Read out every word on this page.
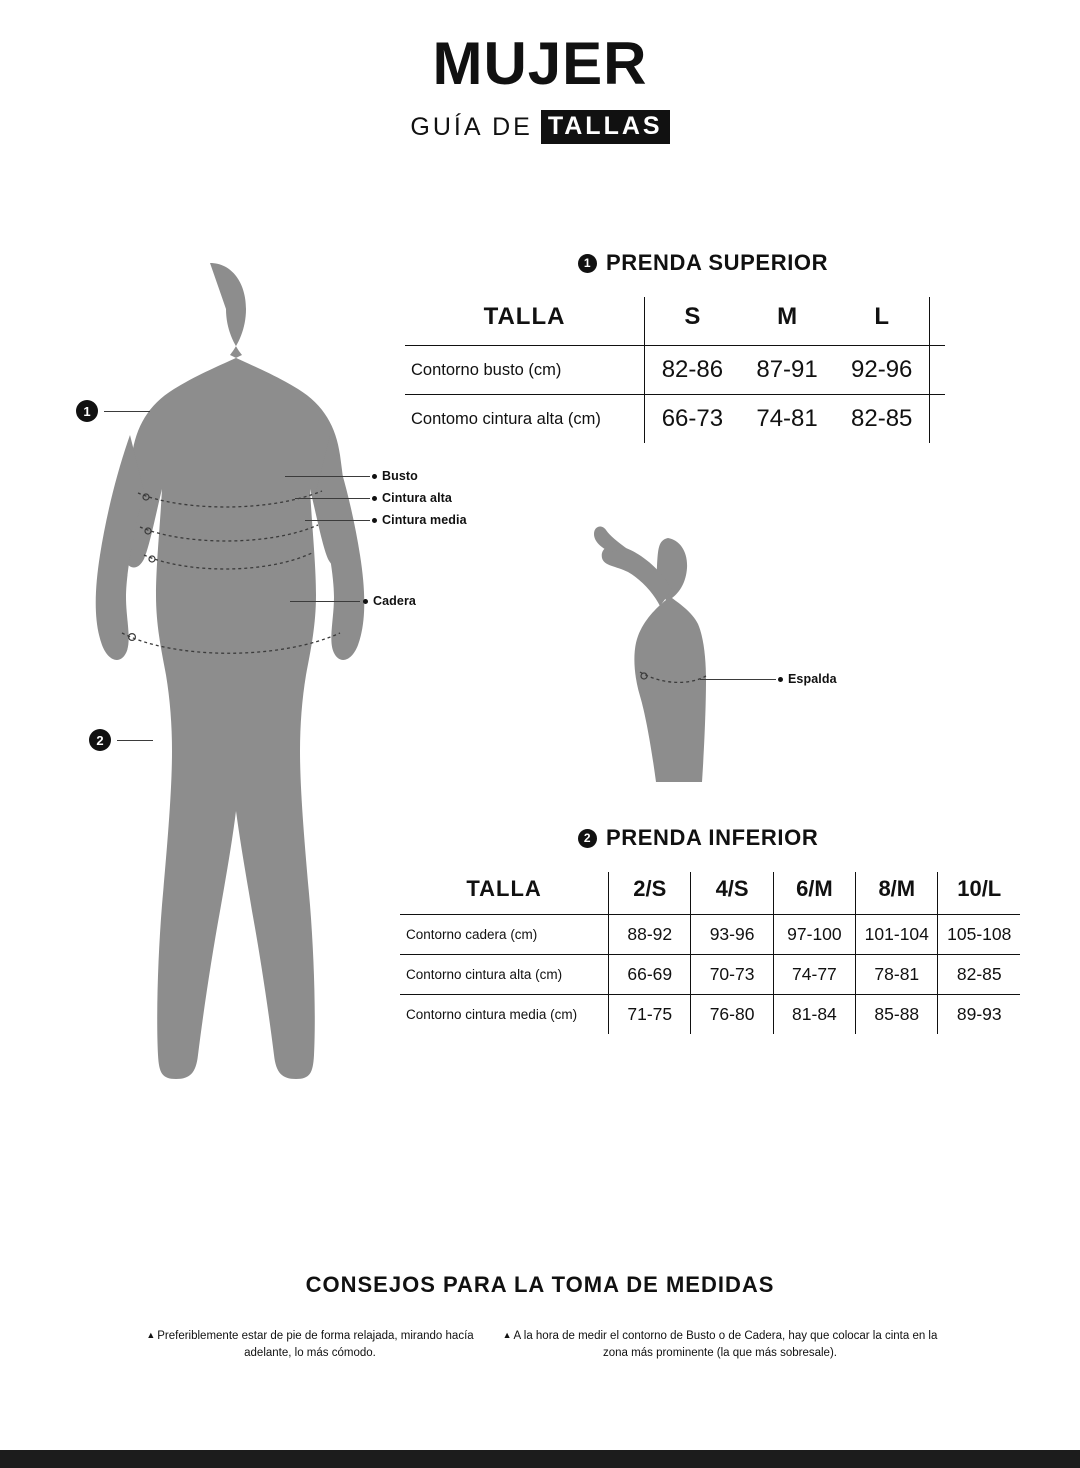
MUJER
GUÍA DE TALLAS
Busto
Cintura alta
Cintura media
Cadera
1
2
Espalda
1 PRENDA SUPERIOR
TALLA	S	M	L	
Contorno busto (cm)	82-86	87-91	92-96	
Contomo cintura alta (cm)	66-73	74-81	82-85	
2 PRENDA INFERIOR
TALLA	2/S	4/S	6/M	8/M	10/L
Contorno cadera (cm)	88-92	93-96	97-100	101-104	105-108
Contorno cintura alta (cm)	66-69	70-73	74-77	78-81	82-85
Contorno cintura media (cm)	71-75	76-80	81-84	85-88	89-93
CONSEJOS PARA LA TOMA DE MEDIDAS
▲ Preferiblemente estar de pie de forma relajada, mirando hacía adelante, lo más cómodo.
▲ A la hora de medir el contorno de Busto o de Cadera, hay que colocar la cinta en la zona más prominente (la que más sobresale).
